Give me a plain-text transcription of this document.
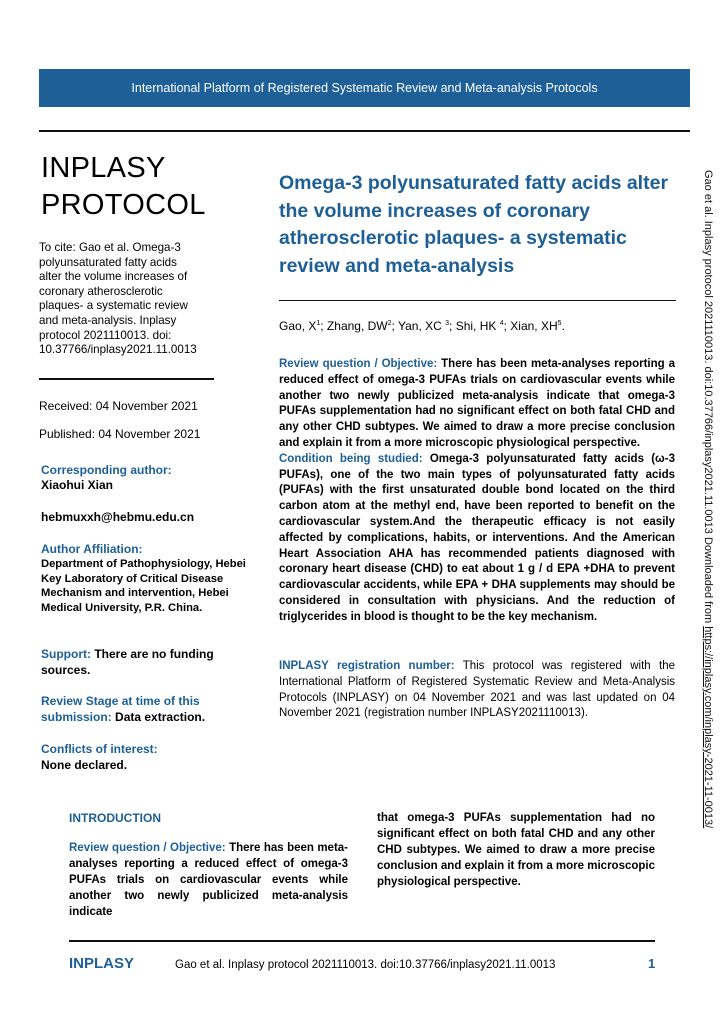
International Platform of Registered Systematic Review and Meta-analysis Protocols
INPLASY
PROTOCOL
To cite: Gao et al. Omega-3
polyunsaturated fatty acids
alter the volume increases of
coronary atherosclerotic
plaques- a systematic review
and meta-analysis. Inplasy
protocol 2021110013. doi:
10.37766/inplasy2021.11.0013
Received: 04 November 2021
Published: 04 November 2021
Corresponding author:
Xiaohui Xian
hebmuxxh@hebmu.edu.cn
Author Affiliation:
Department of Pathophysiology, Hebei Key Laboratory of Critical Disease Mechanism and intervention, Hebei Medical University, P.R. China.
Support: There are no funding sources.
Review Stage at time of this submission: Data extraction.
Conflicts of interest:
None declared.
Omega-3 polyunsaturated fatty acids alter the volume increases of coronary atherosclerotic plaques- a systematic review and meta-analysis
Gao, $X^1$; Zhang, $DW^2$; Yan, XC $^3$; Shi, HK $^4$; Xian, $XH^5$.
Review question / Objective: There has been meta-analyses reporting a reduced effect of omega-3 PUFAs trials on cardiovascular events while another two newly publicized meta-analysis indicate that omega-3 PUFAs supplementation had no significant effect on both fatal CHD and any other CHD subtypes. We aimed to draw a more precise conclusion and explain it from a more microscopic physiological perspective.
Condition being studied: Omega-3 polyunsaturated fatty acids (ω-3 PUFAs), one of the two main types of polyunsaturated fatty acids (PUFAs) with the first unsaturated double bond located on the third carbon atom at the methyl end, have been reported to benefit on the cardiovascular system.And the therapeutic efficacy is not easily affected by complications, habits, or interventions. And the American Heart Association AHA has recommended patients diagnosed with coronary heart disease (CHD) to eat about 1 g / d EPA +DHA to prevent cardiovascular accidents, while EPA + DHA supplements may should be considered in consultation with physicians. And the reduction of triglycerides in blood is thought to be the key mechanism.
INPLASY registration number: This protocol was registered with the International Platform of Registered Systematic Review and Meta-Analysis Protocols (INPLASY) on 04 November 2021 and was last updated on 04 November 2021 (registration number INPLASY2021110013).
INTRODUCTION
Review question / Objective: There has been meta-analyses reporting a reduced effect of omega-3 PUFAs trials on cardiovascular events while another two newly publicized meta-analysis indicate
that omega-3 PUFAs supplementation had no significant effect on both fatal CHD and any other CHD subtypes. We aimed to draw a more precise conclusion and explain it from a more microscopic physiological perspective.
Gao et al. Inplasy protocol 2021110013. doi:10.37766/inplasy2021.11.0013 Downloaded from https://inplasy.com/inplasy-2021-11-0013/
INPLASY	Gao et al. Inplasy protocol 2021110013. doi:10.37766/inplasy2021.11.0013	1
